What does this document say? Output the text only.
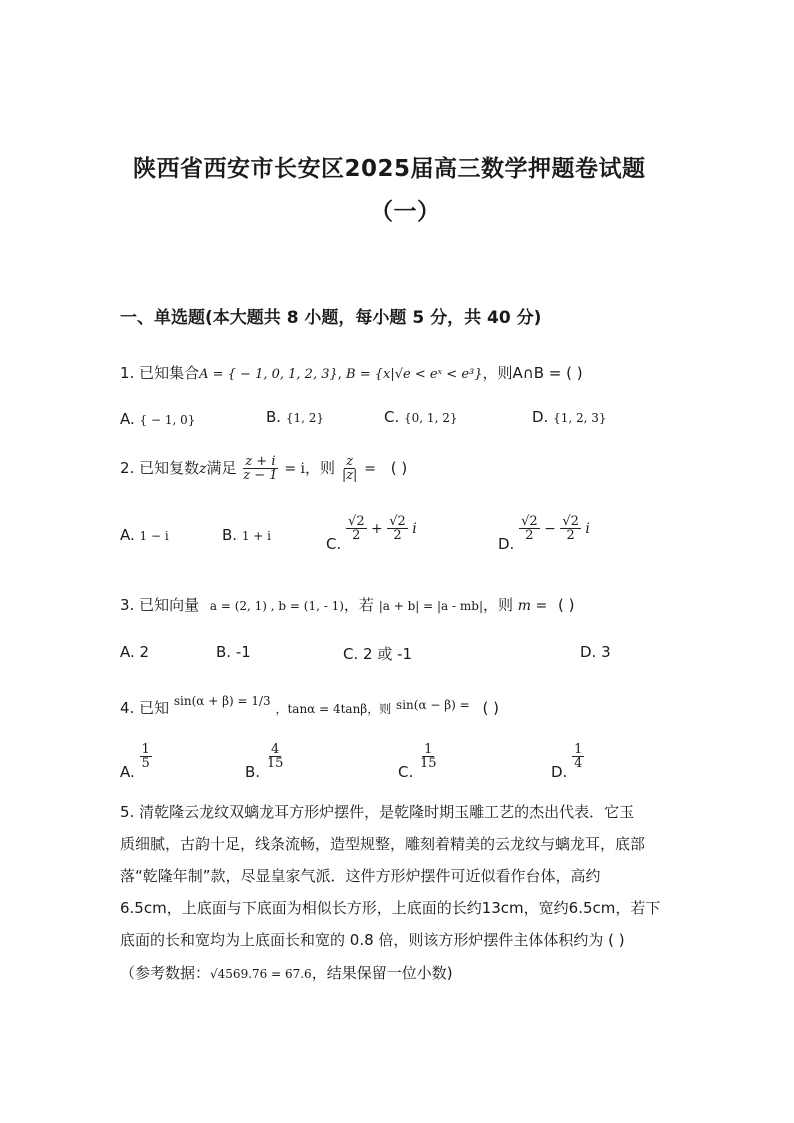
陕西省西安市长安区2025届高三数学押题卷试题
（一）
一、单选题(本大题共 8 小题，每小题 5 分，共 40 分)
1. 已知集合A = { − 1, 0, 1, 2, 3}, B = {x|√e < eˣ < e³}，则A∩B = ( )
A. { − 1, 0}	B. {1, 2}	C. {0, 1, 2}	D. {1, 2, 3}
2. 已知复数z满足 $\frac{z + i}{z - 1} = i$，则 $\frac{z}{|z|}$ = ( )
A. 1 − i	B. 1 + i	C.
$\frac{√2}{2} + \frac{√2}{2}$ i
D.
$\frac{√2}{2} - \frac{√2}{2}$ i
3. 已知向量 a = (2, 1) , b = (1, - 1)，若 |a + b| = |a - mb|，则 m = ( )
A. 2	B. -1	C. 2 或 -1	D. 3
4. 已知 $^{sin(\alpha + \beta) = 1/3}$ ，tanα = 4tanβ，则 $^{sin(\alpha - \beta) =}$ ( )
A.
$\frac{1}{5}$
B.
$\frac{4}{15}$
C.
$\frac{1}{15}$
D.
$\frac{1}{4}$
5. 清乾隆云龙纹双螭龙耳方形炉摆件，是乾隆时期玉雕工艺的杰出代表．它玉
质细腻，古韵十足，线条流畅，造型规整，雕刻着精美的云龙纹与螭龙耳，底部
落“乾隆年制”款，尽显皇家气派．这件方形炉摆件可近似看作台体，高约
6.5cm，上底面与下底面为相似长方形，上底面的长约13cm，宽约6.5cm，若下
底面的长和宽均为上底面长和宽的 0.8 倍，则该方形炉摆件主体体积约为 ( )
（参考数据：√4569.76 = 67.6，结果保留一位小数)
